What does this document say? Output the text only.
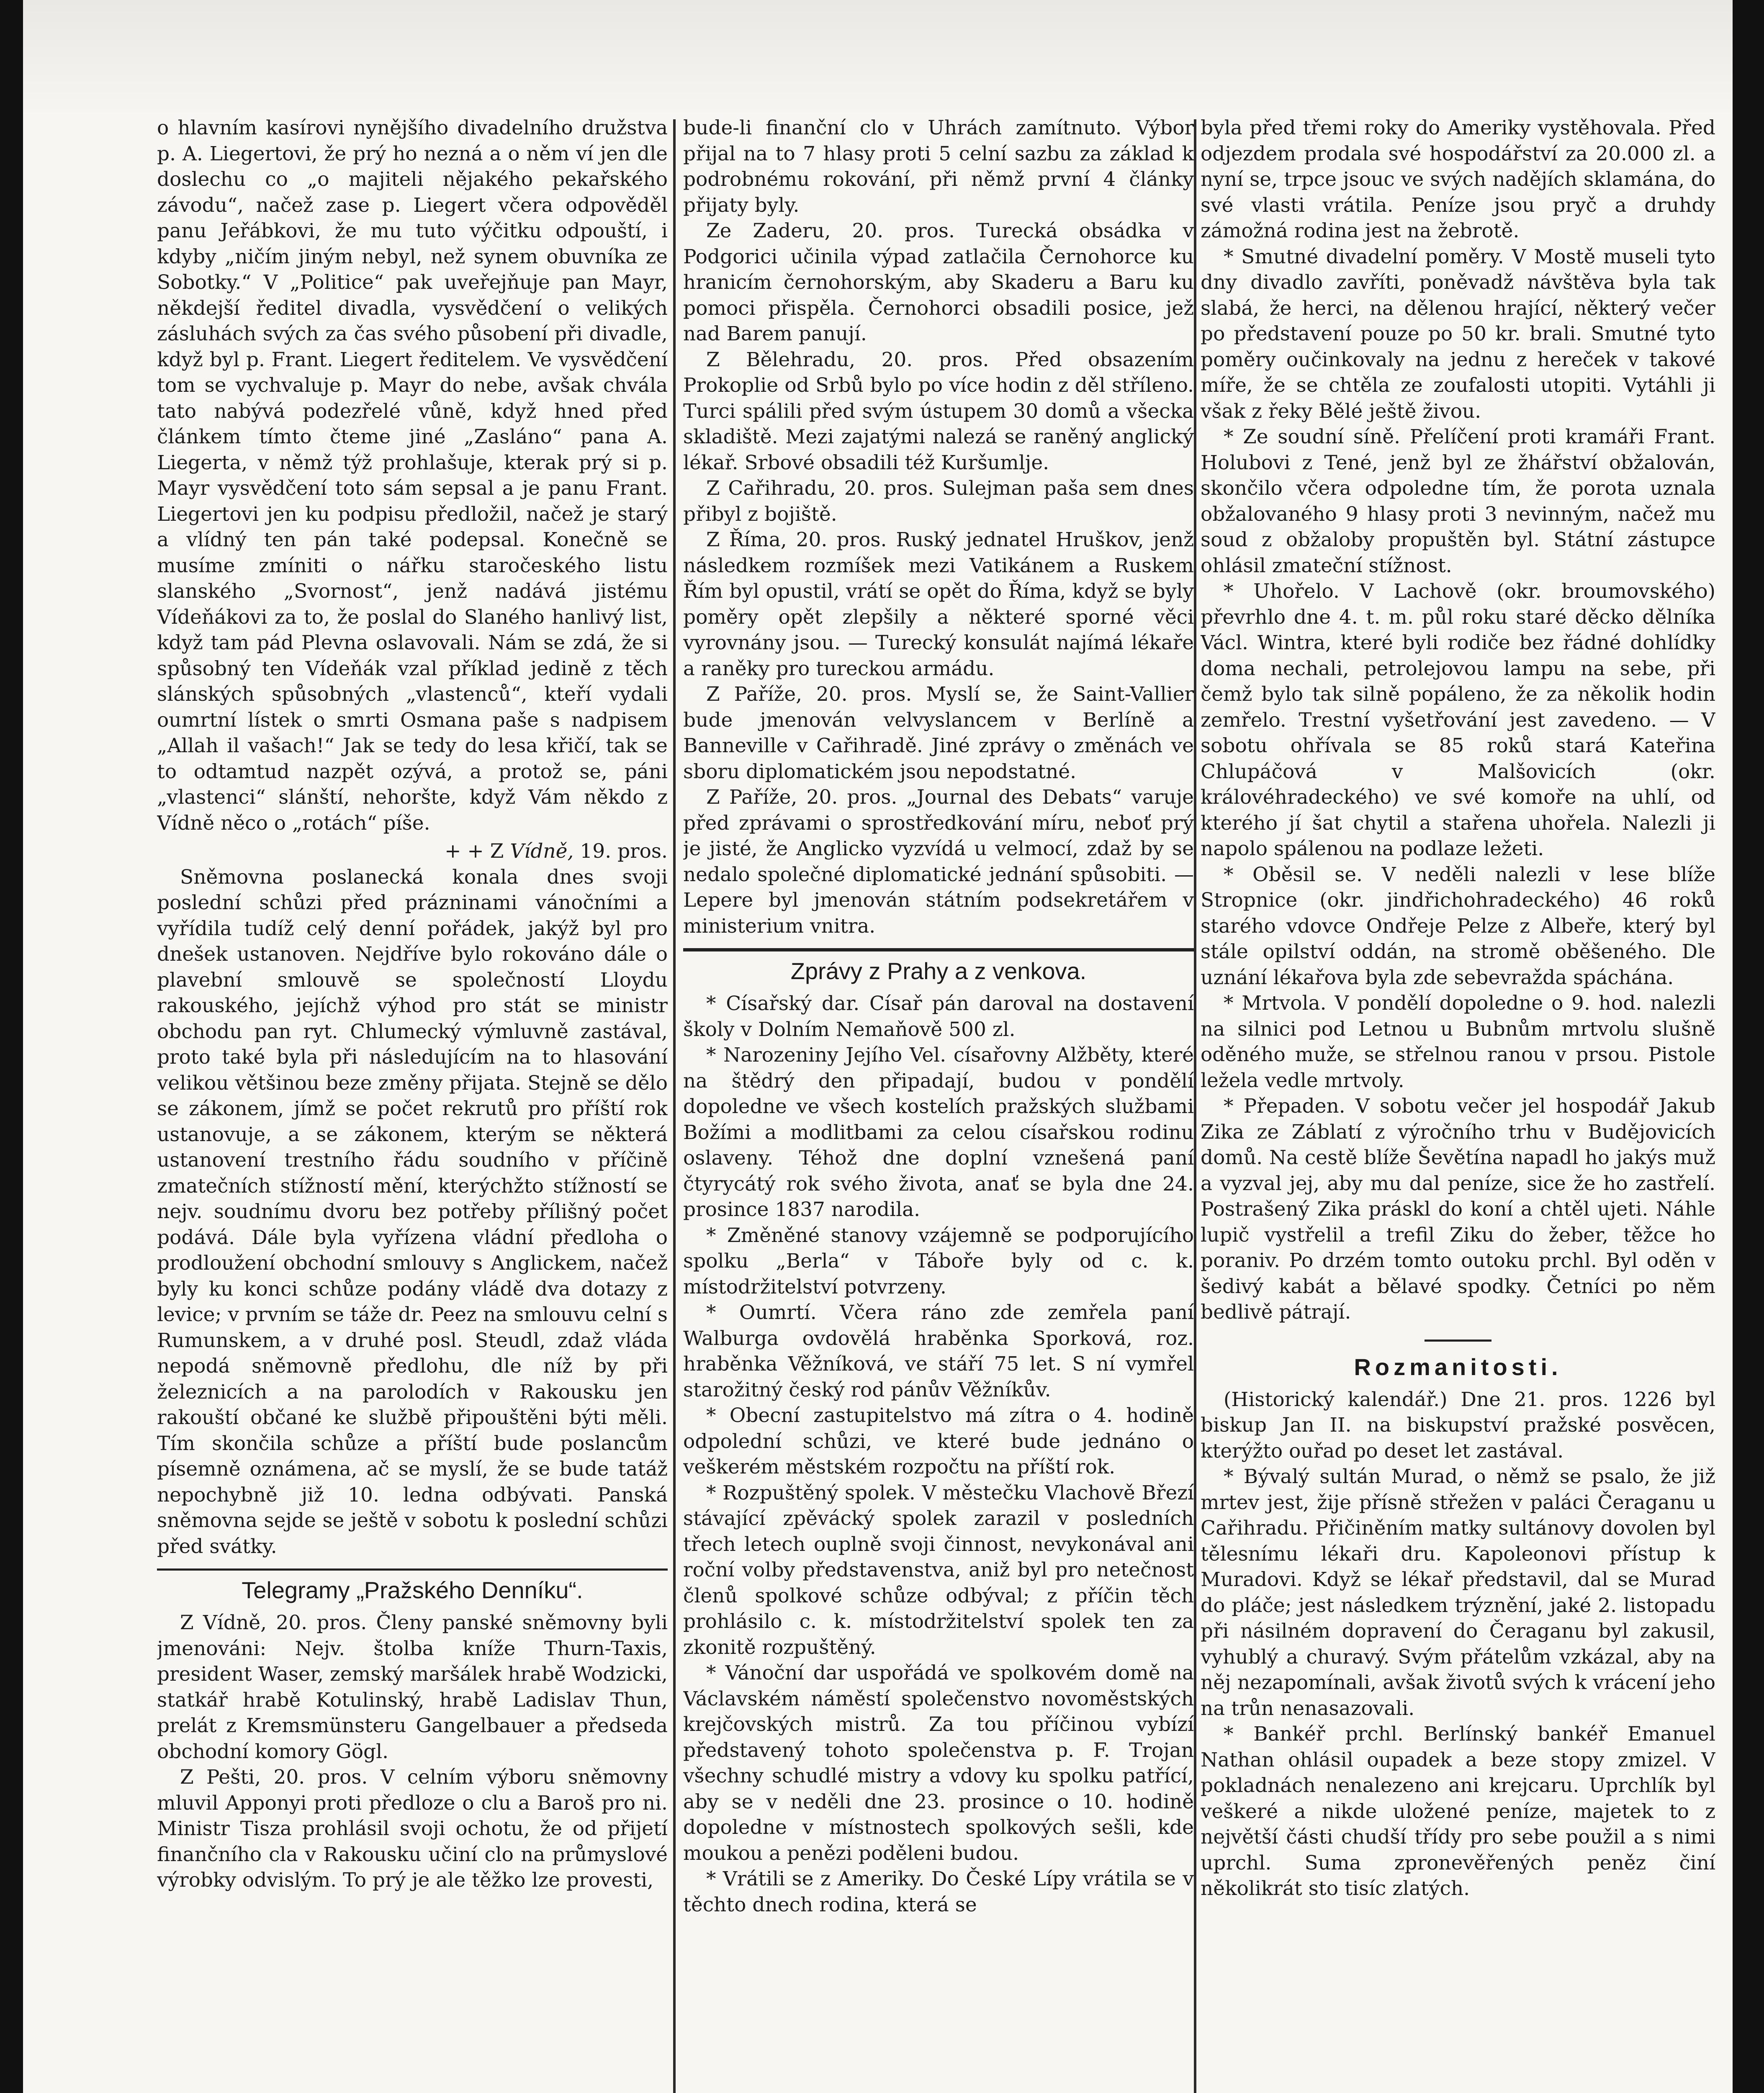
o hlavním kasírovi nynějšího divadelního družstva p. A. Liegertovi, že prý ho nezná a o něm ví jen dle doslechu co „o majiteli nějakého pekařského závodu“, načež zase p. Liegert včera odpověděl panu Jeřábkovi, že mu tuto výčitku odpouští, i kdyby „ničím jiným nebyl, než synem obuvníka ze Sobotky.“ V „Politice“ pak uveřejňuje pan Mayr, někdejší ředitel divadla, vysvědčení o velikých zásluhách svých za čas svého působení při divadle, když byl p. Frant. Liegert ředitelem. Ve vysvědčení tom se vychvaluje p. Mayr do nebe, avšak chvála tato nabývá podezřelé vůně, když hned před článkem tímto čteme jiné „Zasláno“ pana A. Liegerta, v němž týž prohlašuje, kterak prý si p. Mayr vysvědčení toto sám sepsal a je panu Frant. Liegertovi jen ku podpisu předložil, načež je starý a vlídný ten pán také podepsal. Konečně se musíme zmíniti o nářku staročeského listu slanského „Svornost“, jenž nadává jistému Vídeňákovi za to, že poslal do Slaného hanlivý list, když tam pád Plevna oslavovali. Nám se zdá, že si spůsobný ten Vídeňák vzal příklad jedině z těch slánských spůsobných „vlastenců“, kteří vydali oumrtní lístek o smrti Osmana paše s nadpisem „Allah il vašach!“ Jak se tedy do lesa křičí, tak se to odtamtud nazpět ozývá, a protož se, páni „vlastenci“ slánští, nehoršte, když Vám někdo z Vídně něco o „rotách“ píše.

+ + Z Vídně, 19. pros.

Sněmovna poslanecká konala dnes svoji poslední schůzi před prázninami vánočními a vyřídila tudíž celý denní pořádek, jakýž byl pro dnešek ustanoven. Nejdříve bylo rokováno dále o plavební smlouvě se společností Lloydu rakouského, jejíchž výhod pro stát se ministr obchodu pan ryt. Chlumecký výmluvně zastával, proto také byla při následujícím na to hlasování velikou většinou beze změny přijata. Stejně se dělo se zákonem, jímž se počet rekrutů pro příští rok ustanovuje, a se zákonem, kterým se některá ustanovení trestního řádu soudního v příčině zmatečních stížností mění, kterýchžto stížností se nejv. soudnímu dvoru bez potřeby přílišný počet podává. Dále byla vyřízena vládní předloha o prodloužení obchodní smlouvy s Anglickem, načež byly ku konci schůze podány vládě dva dotazy z levice; v prvním se táže dr. Peez na smlouvu celní s Rumunskem, a v druhé posl. Steudl, zdaž vláda nepodá sněmovně předlohu, dle níž by při železnicích a na parolodích v Rakousku jen rakouští občané ke službě připouštěni býti měli. Tím skončila schůze a příští bude poslancům písemně oznámena, ač se myslí, že se bude tatáž nepochybně již 10. ledna odbývati. Panská sněmovna sejde se ještě v sobotu k poslední schůzi před svátky.

Telegramy „Pražského Denníku“.

Z Vídně, 20. pros. Členy panské sněmovny byli jmenováni: Nejv. štolba kníže Thurn-Taxis, president Waser, zemský maršálek hrabě Wodzicki, statkář hrabě Kotulinský, hrabě Ladislav Thun, prelát z Kremsmünsteru Gangelbauer a předseda obchodní komory Gögl.

Z Pešti, 20. pros. V celním výboru sněmovny mluvil Apponyi proti předloze o clu a Baroš pro ni. Ministr Tisza prohlásil svoji ochotu, že od přijetí finančního cla v Rakousku učiní clo na průmyslové výrobky odvislým. To prý je ale těžko lze provesti,

bude-li finanční clo v Uhrách zamítnuto. Výbor přijal na to 7 hlasy proti 5 celní sazbu za základ k podrobnému rokování, při němž první 4 články přijaty byly.

Ze Zaderu, 20. pros. Turecká obsádka v Podgorici učinila výpad zatlačila Černohorce ku hranicím černohorským, aby Skaderu a Baru ku pomoci přispěla. Černohorci obsadili posice, jež nad Barem panují.

Z Bělehradu, 20. pros. Před obsazením Prokoplie od Srbů bylo po více hodin z děl stříleno. Turci spálili před svým ústupem 30 domů a všecka skladiště. Mezi zajatými nalezá se raněný anglický lékař. Srbové obsadili též Kuršumlje.

Z Cařihradu, 20. pros. Sulejman paša sem dnes přibyl z bojiště.

Z Říma, 20. pros. Ruský jednatel Hruškov, jenž následkem rozmíšek mezi Vatikánem a Ruskem Řím byl opustil, vrátí se opět do Říma, když se byly poměry opět zlepšily a některé sporné věci vyrovnány jsou. — Turecký konsulát najímá lékaře a raněky pro tureckou armádu.

Z Paříže, 20. pros. Myslí se, že Saint-Vallier bude jmenován velvyslancem v Berlíně a Banneville v Cařihradě. Jiné zprávy o změnách ve sboru diplomatickém jsou nepodstatné.

Z Paříže, 20. pros. „Journal des Debats“ varuje před zprávami o sprostředkování míru, neboť prý je jisté, že Anglicko vyzvídá u velmocí, zdaž by se nedalo společné diplomatické jednání spůsobiti. — Lepere byl jmenován státním podsekretářem v ministerium vnitra.

Zprávy z Prahy a z venkova.

* Císařský dar. Císař pán daroval na dostavení školy v Dolním Nemaňově 500 zl.

* Narozeniny Jejího Vel. císařovny Alžběty, které na štědrý den připadají, budou v pondělí dopoledne ve všech kostelích pražských službami Božími a modlitbami za celou císařskou rodinu oslaveny. Téhož dne doplní vznešená paní čtyrycátý rok svého života, anať se byla dne 24. prosince 1837 narodila.

* Změněné stanovy vzájemně se podporujícího spolku „Berla“ v Táboře byly od c. k. místodržitelství potvrzeny.

* Oumrtí. Včera ráno zde zemřela paní Walburga ovdovělá hraběnka Sporková, roz. hraběnka Věžníková, ve stáří 75 let. S ní vymřel starožitný český rod pánův Věžníkův.

* Obecní zastupitelstvo má zítra o 4. hodině odpolední schůzi, ve které bude jednáno o veškerém městském rozpočtu na příští rok.

* Rozpuštěný spolek. V městečku Vlachově Březí stávající zpěvácký spolek zarazil v posledních třech letech ouplně svoji činnost, nevykonával ani roční volby představenstva, aniž byl pro netečnost členů spolkové schůze odbýval; z příčin těch prohlásilo c. k. místodržitelství spolek ten za zkonitě rozpuštěný.

* Vánoční dar uspořádá ve spolkovém domě na Václavském náměstí společenstvo novoměstských krejčovských mistrů. Za tou příčinou vybízí představený tohoto společenstva p. F. Trojan všechny schudlé mistry a vdovy ku spolku patřící, aby se v neděli dne 23. prosince o 10. hodině dopoledne v místnostech spolkových sešli, kde moukou a penězi poděleni budou.

* Vrátili se z Ameriky. Do České Lípy vrátila se v těchto dnech rodina, která se

byla před třemi roky do Ameriky vystěhovala. Před odjezdem prodala své hospodářství za 20.000 zl. a nyní se, trpce jsouc ve svých nadějích sklamána, do své vlasti vrátila. Peníze jsou pryč a druhdy zámožná rodina jest na žebrotě.

* Smutné divadelní poměry. V Mostě museli tyto dny divadlo zavříti, poněvadž návštěva byla tak slabá, že herci, na dělenou hrající, některý večer po představení pouze po 50 kr. brali. Smutné tyto poměry oučinkovaly na jednu z hereček v takové míře, že se chtěla ze zoufalosti utopiti. Vytáhli ji však z řeky Bělé ještě živou.

* Ze soudní síně. Přelíčení proti kramáři Frant. Holubovi z Tené, jenž byl ze žhářství obžalován, skončilo včera odpoledne tím, že porota uznala obžalovaného 9 hlasy proti 3 nevinným, načež mu soud z obžaloby propuštěn byl. Státní zástupce ohlásil zmateční stížnost.

* Uhořelo. V Lachově (okr. broumovského) převrhlo dne 4. t. m. půl roku staré děcko dělníka Václ. Wintra, které byli rodiče bez řádné dohlídky doma nechali, petrolejovou lampu na sebe, při čemž bylo tak silně popáleno, že za několik hodin zemřelo. Trestní vyšetřování jest zavedeno. — V sobotu ohřívala se 85 roků stará Kateřina Chlupáčová v Malšovicích (okr. královéhradeckého) ve své komoře na uhlí, od kterého jí šat chytil a stařena uhořela. Nalezli ji napolo spálenou na podlaze ležeti.

* Oběsil se. V neděli nalezli v lese blíže Stropnice (okr. jindřichohradeckého) 46 roků starého vdovce Ondřeje Pelze z Albeře, který byl stále opilství oddán, na stromě oběšeného. Dle uznání lékařova byla zde sebevražda spáchána.

* Mrtvola. V pondělí dopoledne o 9. hod. nalezli na silnici pod Letnou u Bubnům mrtvolu slušně oděného muže, se střelnou ranou v prsou. Pistole ležela vedle mrtvoly.

* Přepaden. V sobotu večer jel hospodář Jakub Zika ze Záblatí z výročního trhu v Budějovicích domů. Na cestě blíže Ševětína napadl ho jakýs muž a vyzval jej, aby mu dal peníze, sice že ho zastřelí. Postrašený Zika práskl do koní a chtěl ujeti. Náhle lupič vystřelil a trefil Ziku do žeber, těžce ho poraniv. Po drzém tomto outoku prchl. Byl oděn v šedivý kabát a bělavé spodky. Četníci po něm bedlivě pátrají.

Rozmanitosti.

(Historický kalendář.) Dne 21. pros. 1226 byl biskup Jan II. na biskupství pražské posvěcen, kterýžto ouřad po deset let zastával.

* Bývalý sultán Murad, o němž se psalo, že již mrtev jest, žije přísně střežen v paláci Čeraganu u Cařihradu. Přičiněním matky sultánovy dovolen byl tělesnímu lékaři dru. Kapoleonovi přístup k Muradovi. Když se lékař představil, dal se Murad do pláče; jest následkem trýznění, jaké 2. listopadu při násilném dopravení do Čeraganu byl zakusil, vyhublý a churavý. Svým přátelům vzkázal, aby na něj nezapomínali, avšak životů svých k vrácení jeho na trůn nenasazovali.

* Bankéř prchl. Berlínský bankéř Emanuel Nathan ohlásil oupadek a beze stopy zmizel. V pokladnách nenalezeno ani krejcaru. Uprchlík byl veškeré a nikde uložené peníze, majetek to z největší části chudší třídy pro sebe použil a s nimi uprchl. Suma zpronevěřených peněz činí několikrát sto tisíc zlatých.
